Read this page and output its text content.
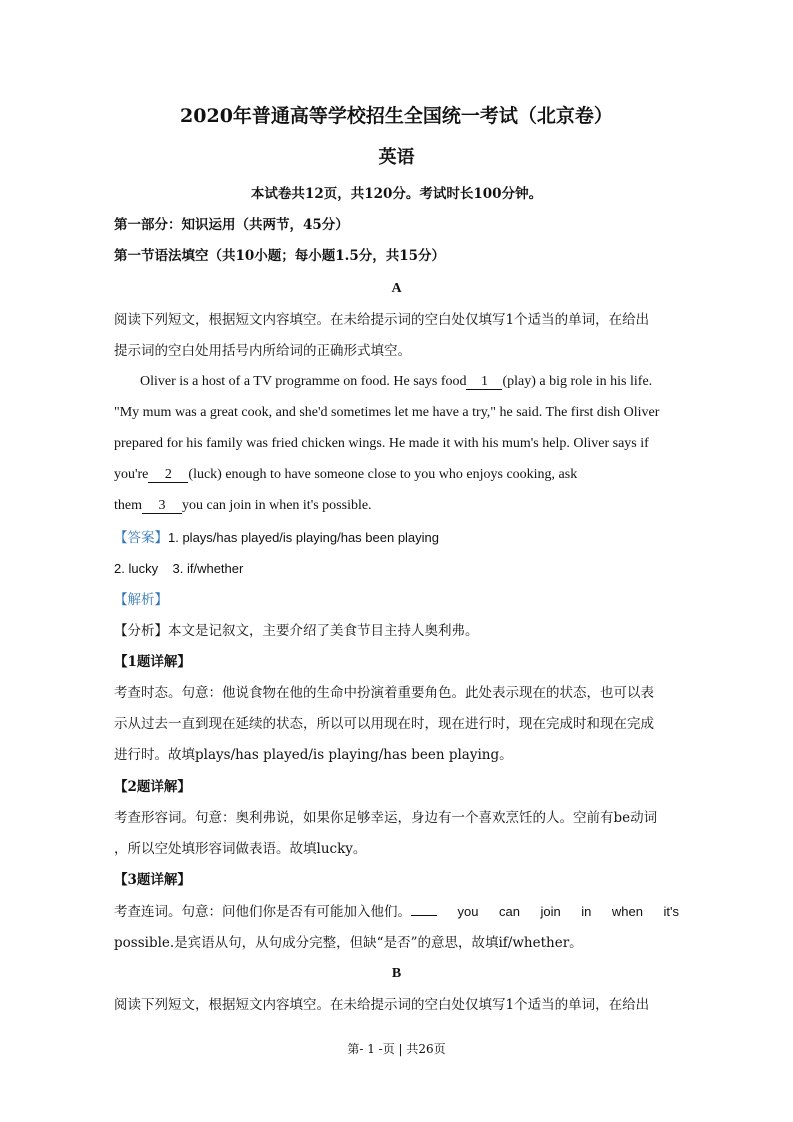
2020年普通高等学校招生全国统一考试（北京卷）
英语
本试卷共12页，共120分。考试时长100分钟。
第一部分：知识运用（共两节，45分）
第一节语法填空（共10小题；每小题1.5分，共15分）
A
阅读下列短文，根据短文内容填空。在未给提示词的空白处仅填写1个适当的单词，在给出
提示词的空白处用括号内所给词的正确形式填空。
Oliver is a host of a TV programme on food. He says food 1 (play) a big role in his life.
"My mum was a great cook, and she'd sometimes let me have a try," he said. The first dish Oliver
prepared for his family was fried chicken wings. He made it with his mum's help. Oliver says if
you're 2 (luck) enough to have someone close to you who enjoys cooking, ask
them 3 you can join in when it's possible.
【答案】1. plays/has played/is playing/has been playing
2. lucky    3. if/whether
【解析】
【分析】本文是记叙文，主要介绍了美食节目主持人奥利弗。
【1题详解】
考查时态。句意：他说食物在他的生命中扮演着重要角色。此处表示现在的状态，也可以表
示从过去一直到现在延续的状态，所以可以用现在时，现在进行时，现在完成时和现在完成
进行时。故填plays/has played/is playing/has been playing。
【2题详解】
考查形容词。句意：奥利弗说，如果你足够幸运，身边有一个喜欢烹饪的人。空前有be动词
，所以空处填形容词做表语。故填lucky。
【3题详解】
考查连词。句意：问他们你是否有可能加入他们。	you can join in when it's
possible.是宾语从句，从句成分完整，但缺“是否”的意思，故填if/whether。
B
阅读下列短文，根据短文内容填空。在未给提示词的空白处仅填写1个适当的单词，在给出
第- 1 -页 | 共26页
